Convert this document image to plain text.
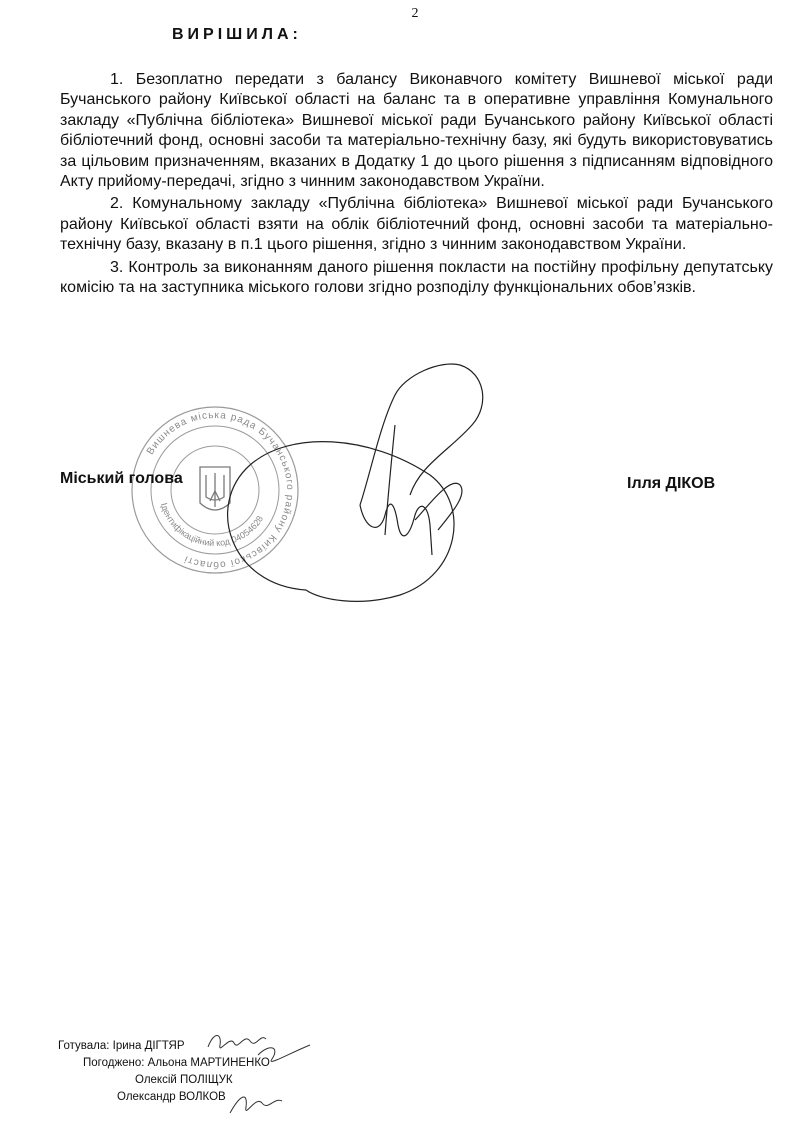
2
ВИРІШИЛА:

1. Безоплатно передати з балансу Виконавчого комітету Вишневої міської ради Бучанського району Київської області на баланс та в оперативне управління Комунального закладу «Публічна бібліотека» Вишневої міської ради Бучанського району Київської області бібліотечний фонд, основні засоби та матеріально-технічну базу, які будуть використовуватись за цільовим призначенням, вказаних в Додатку 1 до цього рішення з підписанням відповідного Акту прийому-передачі, згідно з чинним законодавством України.

2. Комунальному закладу «Публічна бібліотека» Вишневої міської ради Бучанського району Київської області взяти на облік бібліотечний фонд, основні засоби та матеріально-технічну базу, вказану в п.1 цього рішення, згідно з чинним законодавством України.

3. Контроль за виконанням даного рішення покласти на постійну профільну депутатську комісію та на заступника міського голови згідно розподілу функціональних обов’язків.

Вишнева міська рада Бучанського району Київської області
Ідентифікаційний код 04054628
Міський голова	Ілля ДІКОВ
Готувала: Ірина ДІГТЯР
Погоджено: Альона МАРТИНЕНКО
Олексій ПОЛІЩУК
Олександр ВОЛКОВ
